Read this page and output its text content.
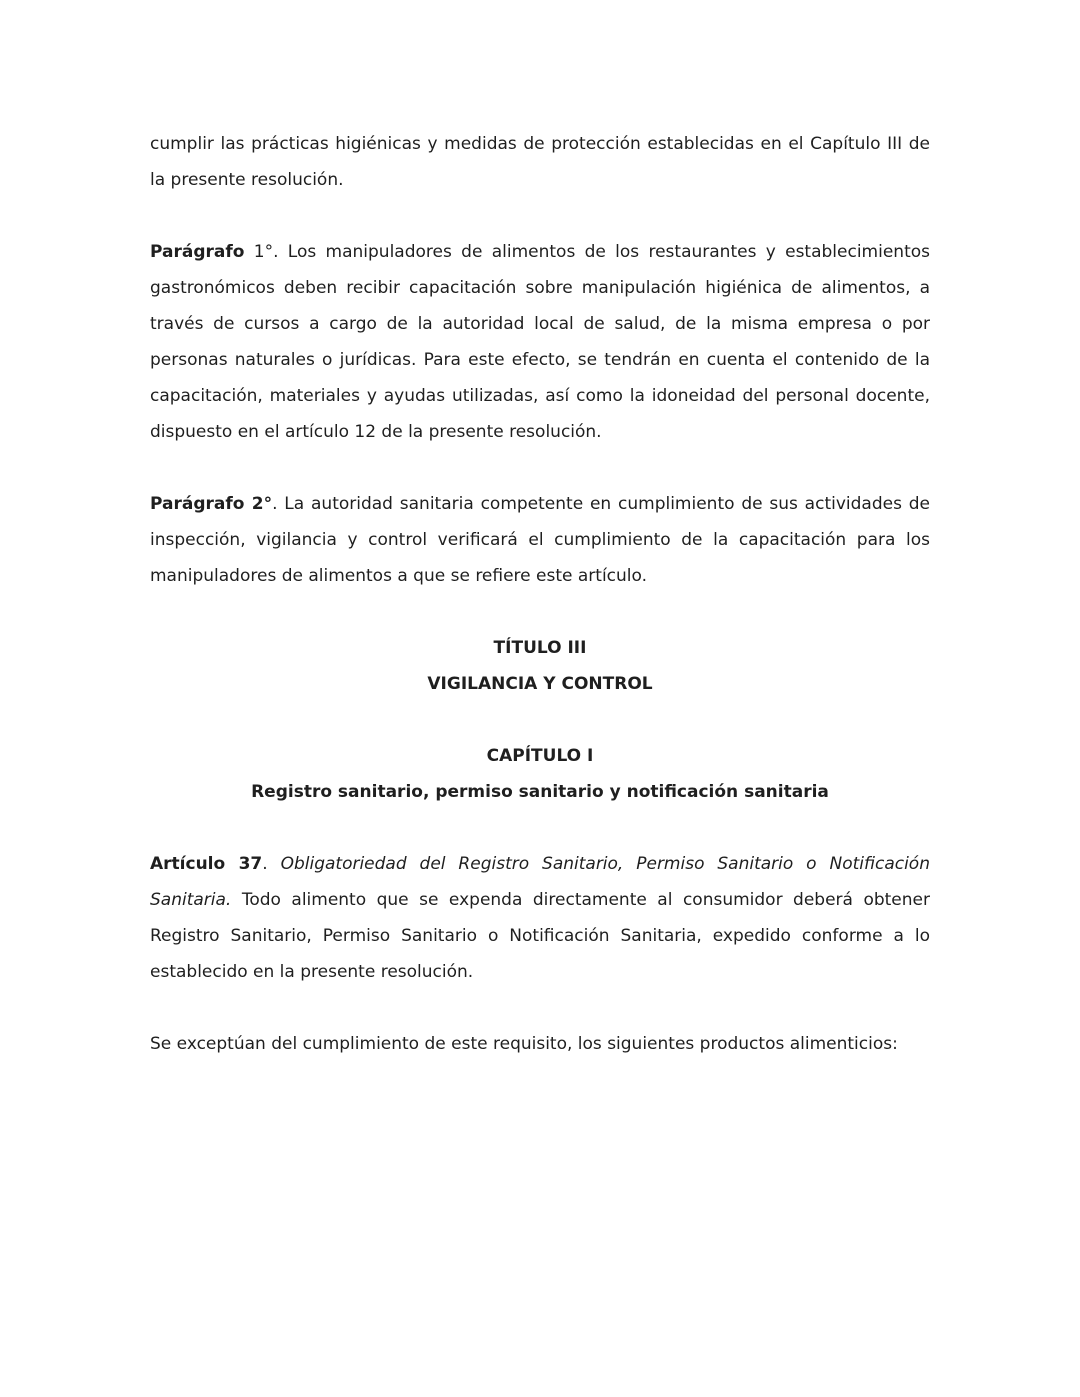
cumplir las prácticas higiénicas y medidas de protección establecidas en el Capítulo III de la presente resolución.

Parágrafo 1°. Los manipuladores de alimentos de los restaurantes y establecimientos gastronómicos deben recibir capacitación sobre manipulación higiénica de alimentos, a través de cursos a cargo de la autoridad local de salud, de la misma empresa o por personas naturales o jurídicas. Para este efecto, se tendrán en cuenta el contenido de la capacitación, materiales y ayudas utilizadas, así como la idoneidad del personal docente, dispuesto en el artículo 12 de la presente resolución.

Parágrafo 2°. La autoridad sanitaria competente en cumplimiento de sus actividades de inspección, vigilancia y control verificará el cumplimiento de la capacitación para los manipuladores de alimentos a que se refiere este artículo.

TÍTULO III

VIGILANCIA Y CONTROL

CAPÍTULO I

Registro sanitario, permiso sanitario y notificación sanitaria

Artículo 37. Obligatoriedad del Registro Sanitario, Permiso Sanitario o Notificación Sanitaria. Todo alimento que se expenda directamente al consumidor deberá obtener Registro Sanitario, Permiso Sanitario o Notificación Sanitaria, expedido conforme a lo establecido en la presente resolución.

Se exceptúan del cumplimiento de este requisito, los siguientes productos alimenticios:
